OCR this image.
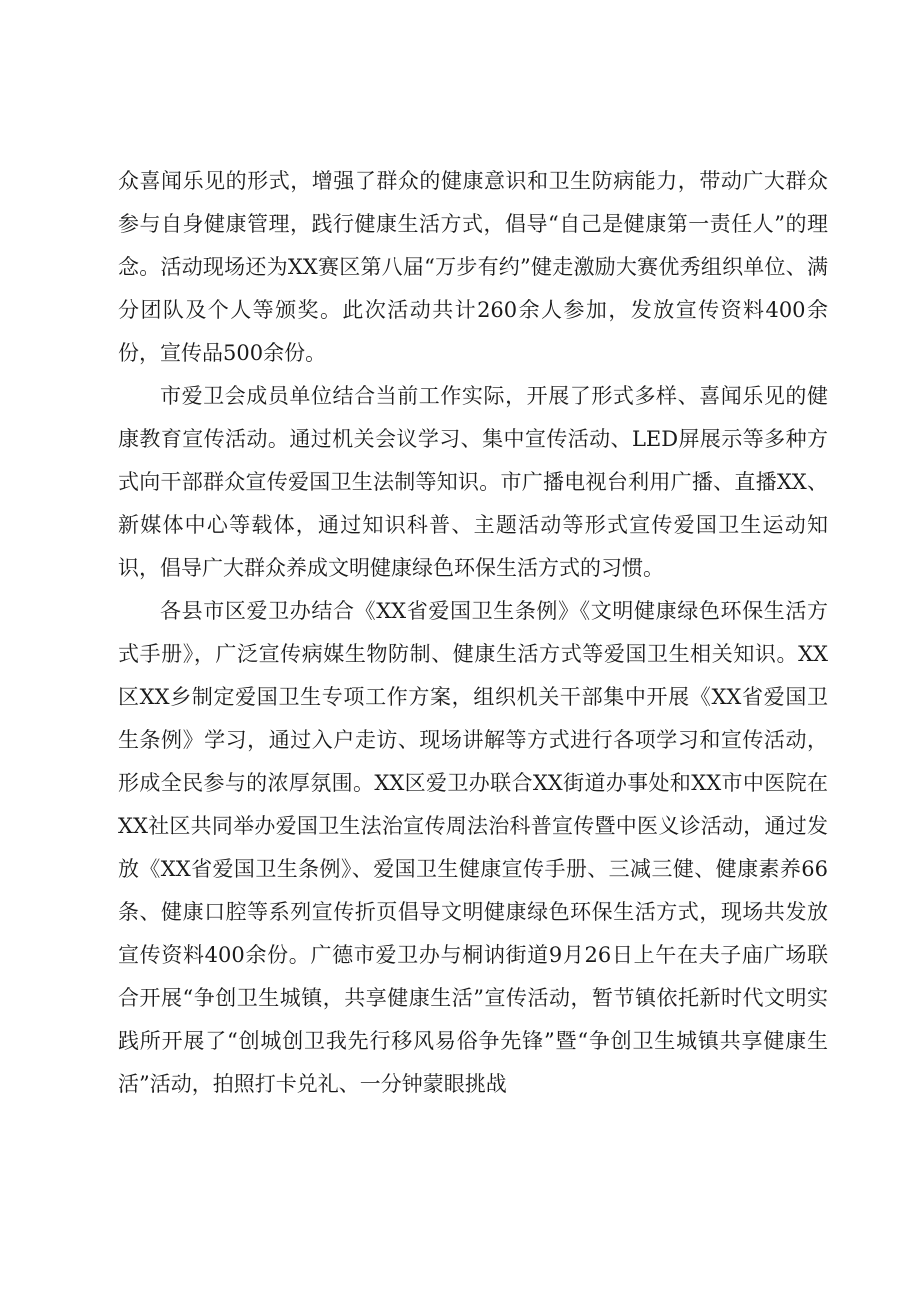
众喜闻乐见的形式，增强了群众的健康意识和卫生防病能力，带动广大群众参与自身健康管理，践行健康生活方式，倡导“自己是健康第一责任人”的理念。活动现场还为XX赛区第八届“万步有约”健走激励大赛优秀组织单位、满分团队及个人等颁奖。此次活动共计260余人参加，发放宣传资料400余份，宣传品500余份。

市爱卫会成员单位结合当前工作实际，开展了形式多样、喜闻乐见的健康教育宣传活动。通过机关会议学习、集中宣传活动、LED屏展示等多种方式向干部群众宣传爱国卫生法制等知识。市广播电视台利用广播、直播XX、新媒体中心等载体，通过知识科普、主题活动等形式宣传爱国卫生运动知识，倡导广大群众养成文明健康绿色环保生活方式的习惯。

各县市区爱卫办结合《XX省爱国卫生条例》《文明健康绿色环保生活方式手册》，广泛宣传病媒生物防制、健康生活方式等爱国卫生相关知识。XX区XX乡制定爱国卫生专项工作方案，组织机关干部集中开展《XX省爱国卫生条例》学习，通过入户走访、现场讲解等方式进行各项学习和宣传活动，形成全民参与的浓厚氛围。XX区爱卫办联合XX街道办事处和XX市中医院在XX社区共同举办爱国卫生法治宣传周法治科普宣传暨中医义诊活动，通过发放《XX省爱国卫生条例》、爱国卫生健康宣传手册、三减三健、健康素养66条、健康口腔等系列宣传折页倡导文明健康绿色环保生活方式，现场共发放宣传资料400余份。广德市爱卫办与桐讷街道9月26日上午在夫子庙广场联合开展“争创卫生城镇，共享健康生活”宣传活动，暂节镇依托新时代文明实践所开展了“创城创卫我先行移风易俗争先锋”暨“争创卫生城镇共享健康生活”活动，拍照打卡兑礼、一分钟蒙眼挑战
